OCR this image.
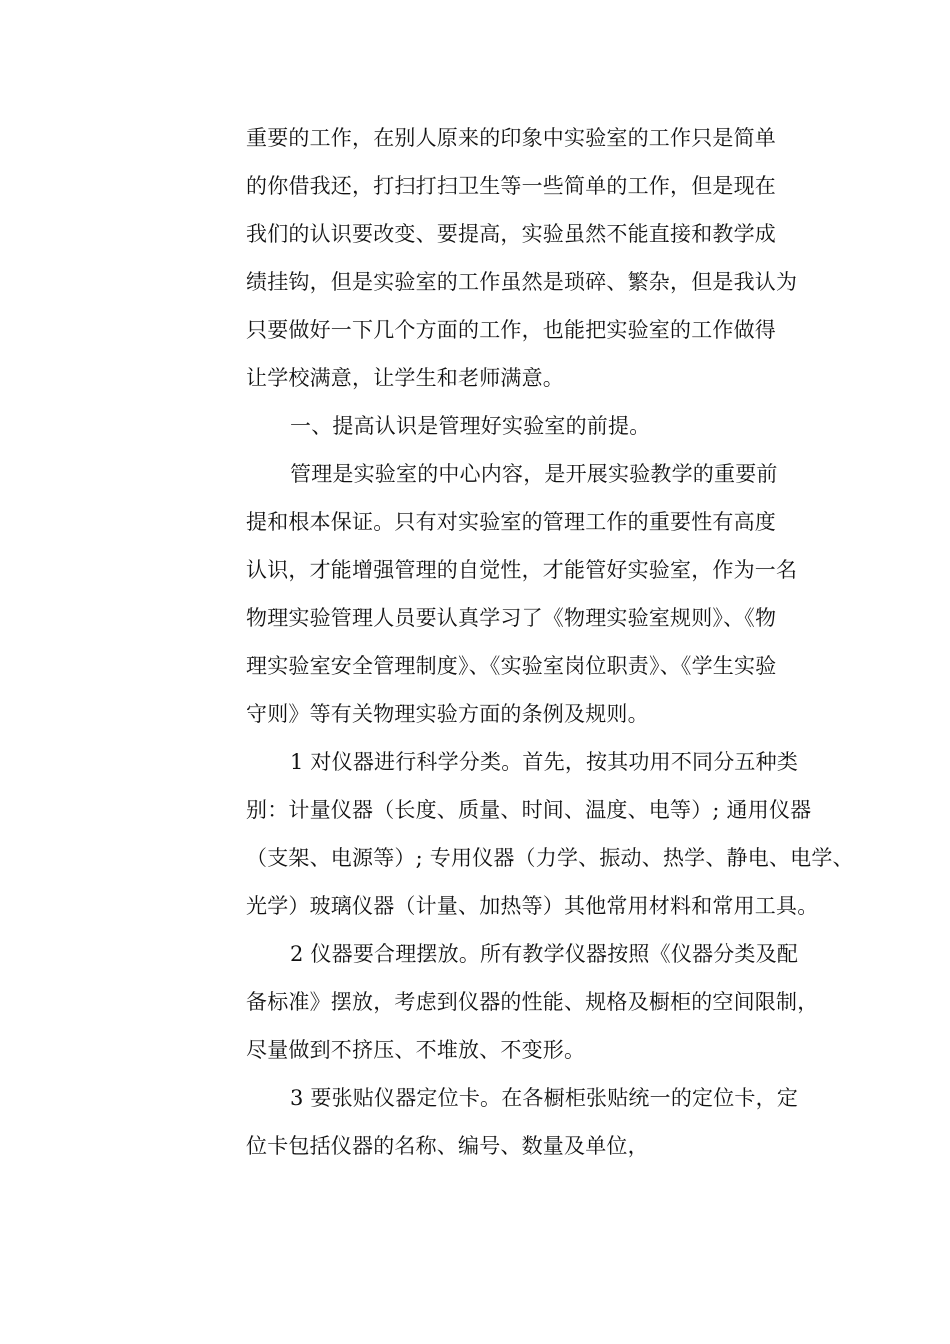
重要的工作，在别人原来的印象中实验室的工作只是简单
的你借我还，打扫打扫卫生等一些简单的工作，但是现在
我们的认识要改变、要提高，实验虽然不能直接和教学成
绩挂钩，但是实验室的工作虽然是琐碎、繁杂，但是我认为
只要做好一下几个方面的工作，也能把实验室的工作做得
让学校满意，让学生和老师满意。
一、提高认识是管理好实验室的前提。
管理是实验室的中心内容，是开展实验教学的重要前
提和根本保证。只有对实验室的管理工作的重要性有高度
认识，才能增强管理的自觉性，才能管好实验室，作为一名
物理实验管理人员要认真学习了《物理实验室规则》、《物
理实验室安全管理制度》、《实验室岗位职责》、《学生实验
守则》等有关物理实验方面的条例及规则。
1 对仪器进行科学分类。首先，按其功用不同分五种类
别：计量仪器（长度、质量、时间、温度、电等）; 通用仪器
（支架、电源等）; 专用仪器（力学、振动、热学、静电、电学、
光学）玻璃仪器（计量、加热等）其他常用材料和常用工具。
2 仪器要合理摆放。所有教学仪器按照《仪器分类及配
备标准》摆放，考虑到仪器的性能、规格及橱柜的空间限制，
尽量做到不挤压、不堆放、不变形。
3 要张贴仪器定位卡。在各橱柜张贴统一的定位卡，定
位卡包括仪器的名称、编号、数量及单位，
